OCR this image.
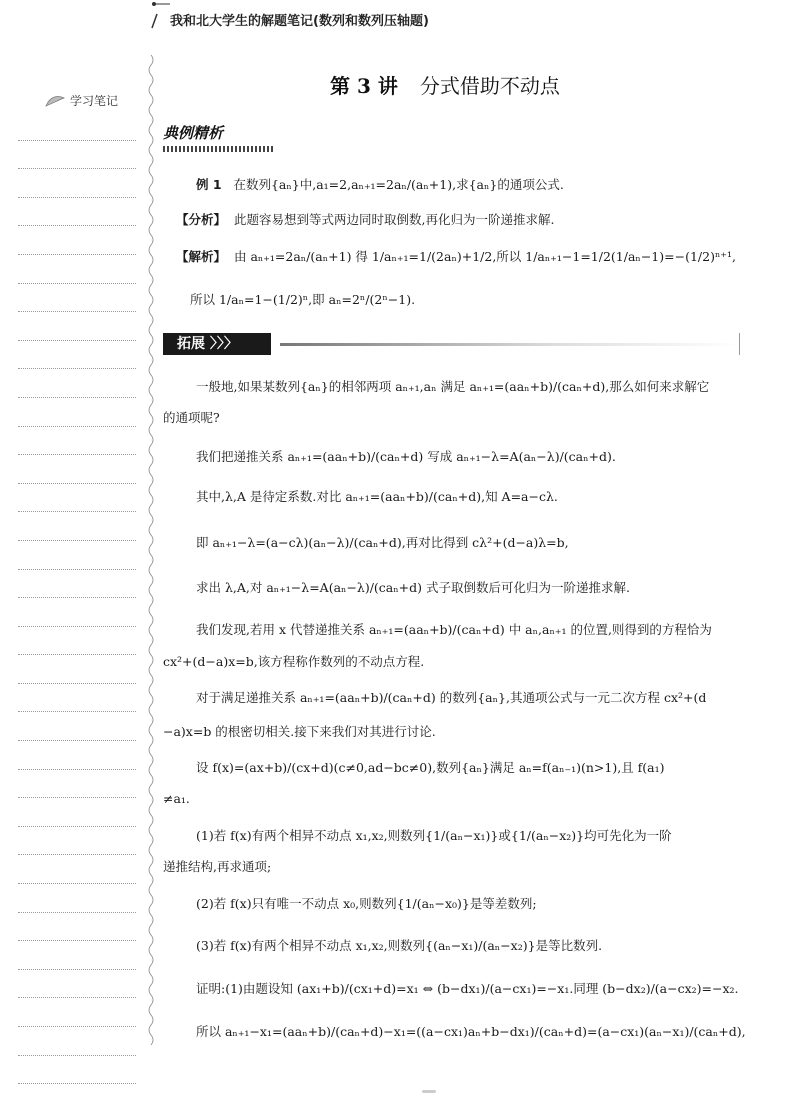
我和北大学生的解题笔记(数列和数列压轴题)
学习笔记
第 3 讲 分式借助不动点
典例精析
例 1 在数列{aₙ}中,a₁=2,aₙ₊₁=2aₙ/(aₙ+1),求{aₙ}的通项公式.
【分析】 此题容易想到等式两边同时取倒数,再化归为一阶递推求解.
【解析】 由 aₙ₊₁=2aₙ/(aₙ+1) 得 1/aₙ₊₁=1/(2aₙ)+1/2,所以 1/aₙ₊₁−1=1/2(1/aₙ−1)=−(1/2)ⁿ⁺¹,
所以 1/aₙ=1−(1/2)ⁿ,即 aₙ=2ⁿ/(2ⁿ−1).
拓展 〉〉〉
一般地,如果某数列{aₙ}的相邻两项 aₙ₊₁,aₙ 满足 aₙ₊₁=(aaₙ+b)/(caₙ+d),那么如何来求解它
的通项呢?
我们把递推关系 aₙ₊₁=(aaₙ+b)/(caₙ+d) 写成 aₙ₊₁−λ=A(aₙ−λ)/(caₙ+d).
其中,λ,A 是待定系数.对比 aₙ₊₁=(aaₙ+b)/(caₙ+d),知 A=a−cλ.
即 aₙ₊₁−λ=(a−cλ)(aₙ−λ)/(caₙ+d),再对比得到 cλ²+(d−a)λ=b,
求出 λ,A,对 aₙ₊₁−λ=A(aₙ−λ)/(caₙ+d) 式子取倒数后可化归为一阶递推求解.
我们发现,若用 x 代替递推关系 aₙ₊₁=(aaₙ+b)/(caₙ+d) 中 aₙ,aₙ₊₁ 的位置,则得到的方程恰为
cx²+(d−a)x=b,该方程称作数列的不动点方程.
对于满足递推关系 aₙ₊₁=(aaₙ+b)/(caₙ+d) 的数列{aₙ},其通项公式与一元二次方程 cx²+(d
−a)x=b 的根密切相关.接下来我们对其进行讨论.
设 f(x)=(ax+b)/(cx+d)(c≠0,ad−bc≠0),数列{aₙ}满足 aₙ=f(aₙ₋₁)(n>1),且 f(a₁)
≠a₁.
(1)若 f(x)有两个相异不动点 x₁,x₂,则数列{1/(aₙ−x₁)}或{1/(aₙ−x₂)}均可先化为一阶
递推结构,再求通项;
(2)若 f(x)只有唯一不动点 x₀,则数列{1/(aₙ−x₀)}是等差数列;
(3)若 f(x)有两个相异不动点 x₁,x₂,则数列{(aₙ−x₁)/(aₙ−x₂)}是等比数列.
证明:(1)由题设知 (ax₁+b)/(cx₁+d)=x₁ ⇔ (b−dx₁)/(a−cx₁)=−x₁.同理 (b−dx₂)/(a−cx₂)=−x₂.
所以 aₙ₊₁−x₁=(aaₙ+b)/(caₙ+d)−x₁=((a−cx₁)aₙ+b−dx₁)/(caₙ+d)=(a−cx₁)(aₙ−x₁)/(caₙ+d),
